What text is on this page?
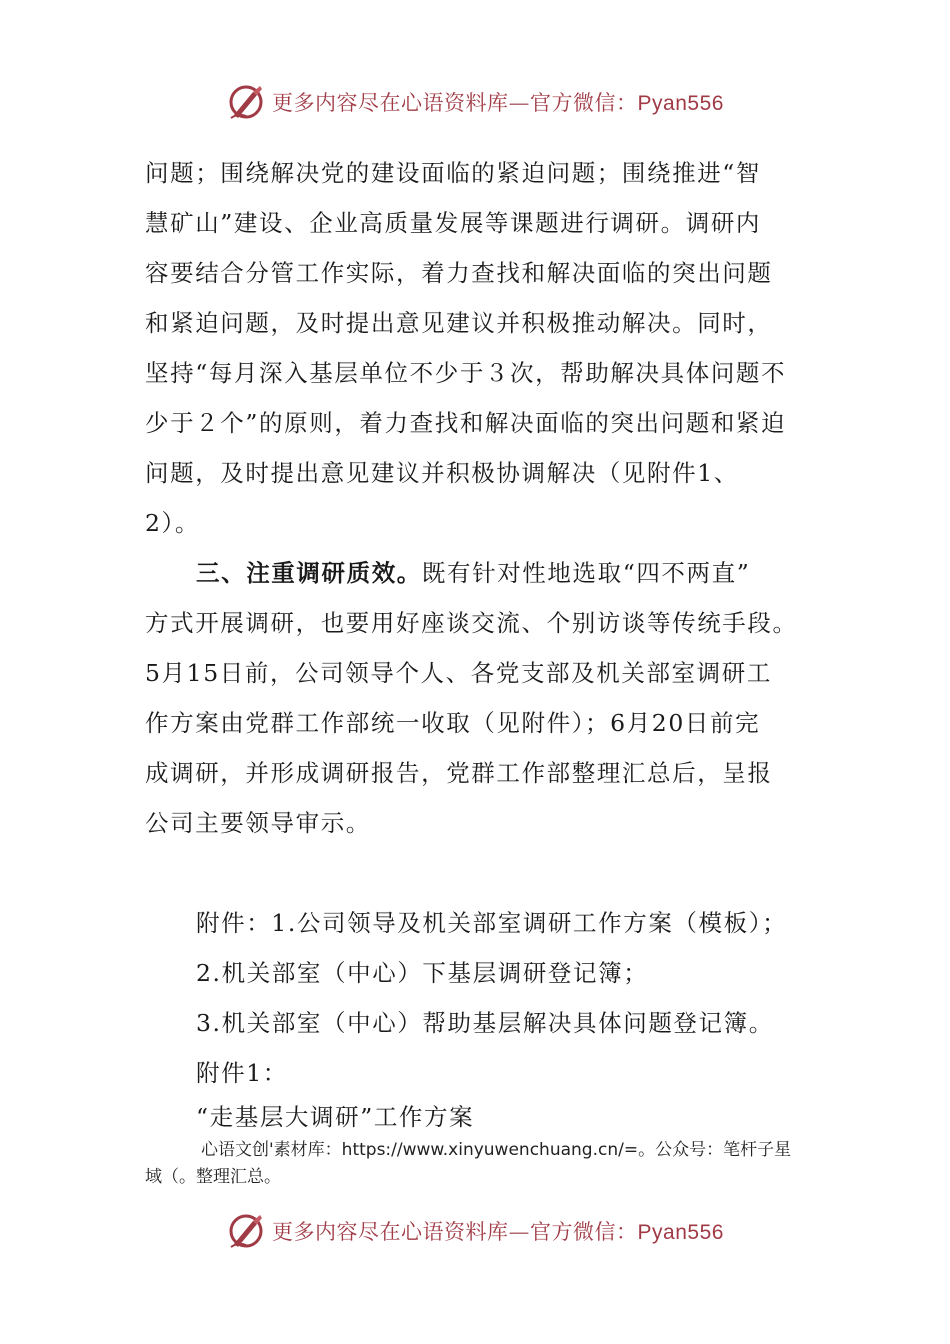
更多内容尽在心语资料库—官方微信：Pyan556
问题；围绕解决党的建设面临的紧迫问题；围绕推进“智
慧矿山”建设、企业高质量发展等课题进行调研。调研内
容要结合分管工作实际，着力查找和解决面临的突出问题
和紧迫问题，及时提出意见建议并积极推动解决。同时，
坚持“每月深入基层单位不少于３次，帮助解决具体问题不
少于２个”的原则，着力查找和解决面临的突出问题和紧迫
问题，及时提出意见建议并积极协调解决（见附件1、
2）。
三、注重调研质效。既有针对性地选取“四不两直”
方式开展调研，也要用好座谈交流、个别访谈等传统手段。
5月15日前，公司领导个人、各党支部及机关部室调研工
作方案由党群工作部统一收取（见附件）；6月20日前完
成调研，并形成调研报告，党群工作部整理汇总后，呈报
公司主要领导审示。
附件：1.公司领导及机关部室调研工作方案（模板）；
2.机关部室（中心）下基层调研登记簿；
3.机关部室（中心）帮助基层解决具体问题登记簿。
附件1：
“走基层大调研”工作方案
心语文创'素材库：https://www.xinyuwenchuang.cn/=。公众号：笔杆子星
域（。整理汇总。
更多内容尽在心语资料库—官方微信：Pyan556
